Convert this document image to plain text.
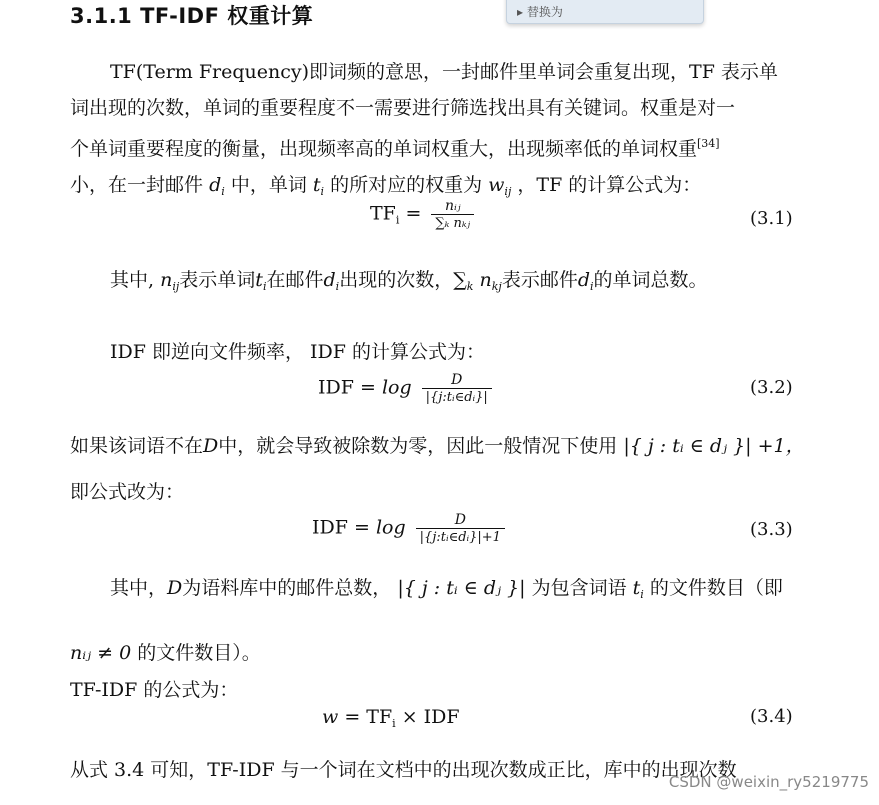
▸ 替换为
3.1.1 TF-IDF 权重计算
TF(Term Frequency)即词频的意思，一封邮件里单词会重复出现，TF 表示单
词出现的次数，单词的重要程度不一需要进行筛选找出具有关键词。权重是对一
个单词重要程度的衡量，出现频率高的单词权重大，出现频率低的单词权重[34]
小，在一封邮件 $d_i$ 中，单词 $t_i$ 的所对应的权重为 $w_{ij}$ ，TF 的计算公式为：
$TF_i = \frac{\text{nᵢⱼ}}{\text{∑ₖ nₖⱼ}}$	(3.1)
其中, $n_{ij}$表示单词$t_i$在邮件$d_i$出现的次数，$\sum_k$ $n_{kj}$表示邮件$d_i$的单词总数。
IDF 即逆向文件频率， IDF 的计算公式为：
IDF = $\log \frac{D}{\text{|\{j:tᵢ∈dᵢ\}|}}$	(3.2)
如果该词语不在D中，就会导致被除数为零，因此一般情况下使用 |{ j : tᵢ ∈ dⱼ }| +1，
即公式改为：
IDF = $\log \frac{D}{\text{|\{j:tᵢ∈dᵢ\}|+1}}$	(3.3)
其中，D为语料库中的邮件总数， |{ j : tᵢ ∈ dⱼ }| 为包含词语 $t_i$ 的文件数目（即
nᵢⱼ ≠ 0 的文件数目）。
TF-IDF 的公式为：
$w = TF_i$ × IDF	(3.4)
从式 3.4 可知，TF-IDF 与一个词在文档中的出现次数成正比，库中的出现次数
CSDN @weixin_ry5219775
